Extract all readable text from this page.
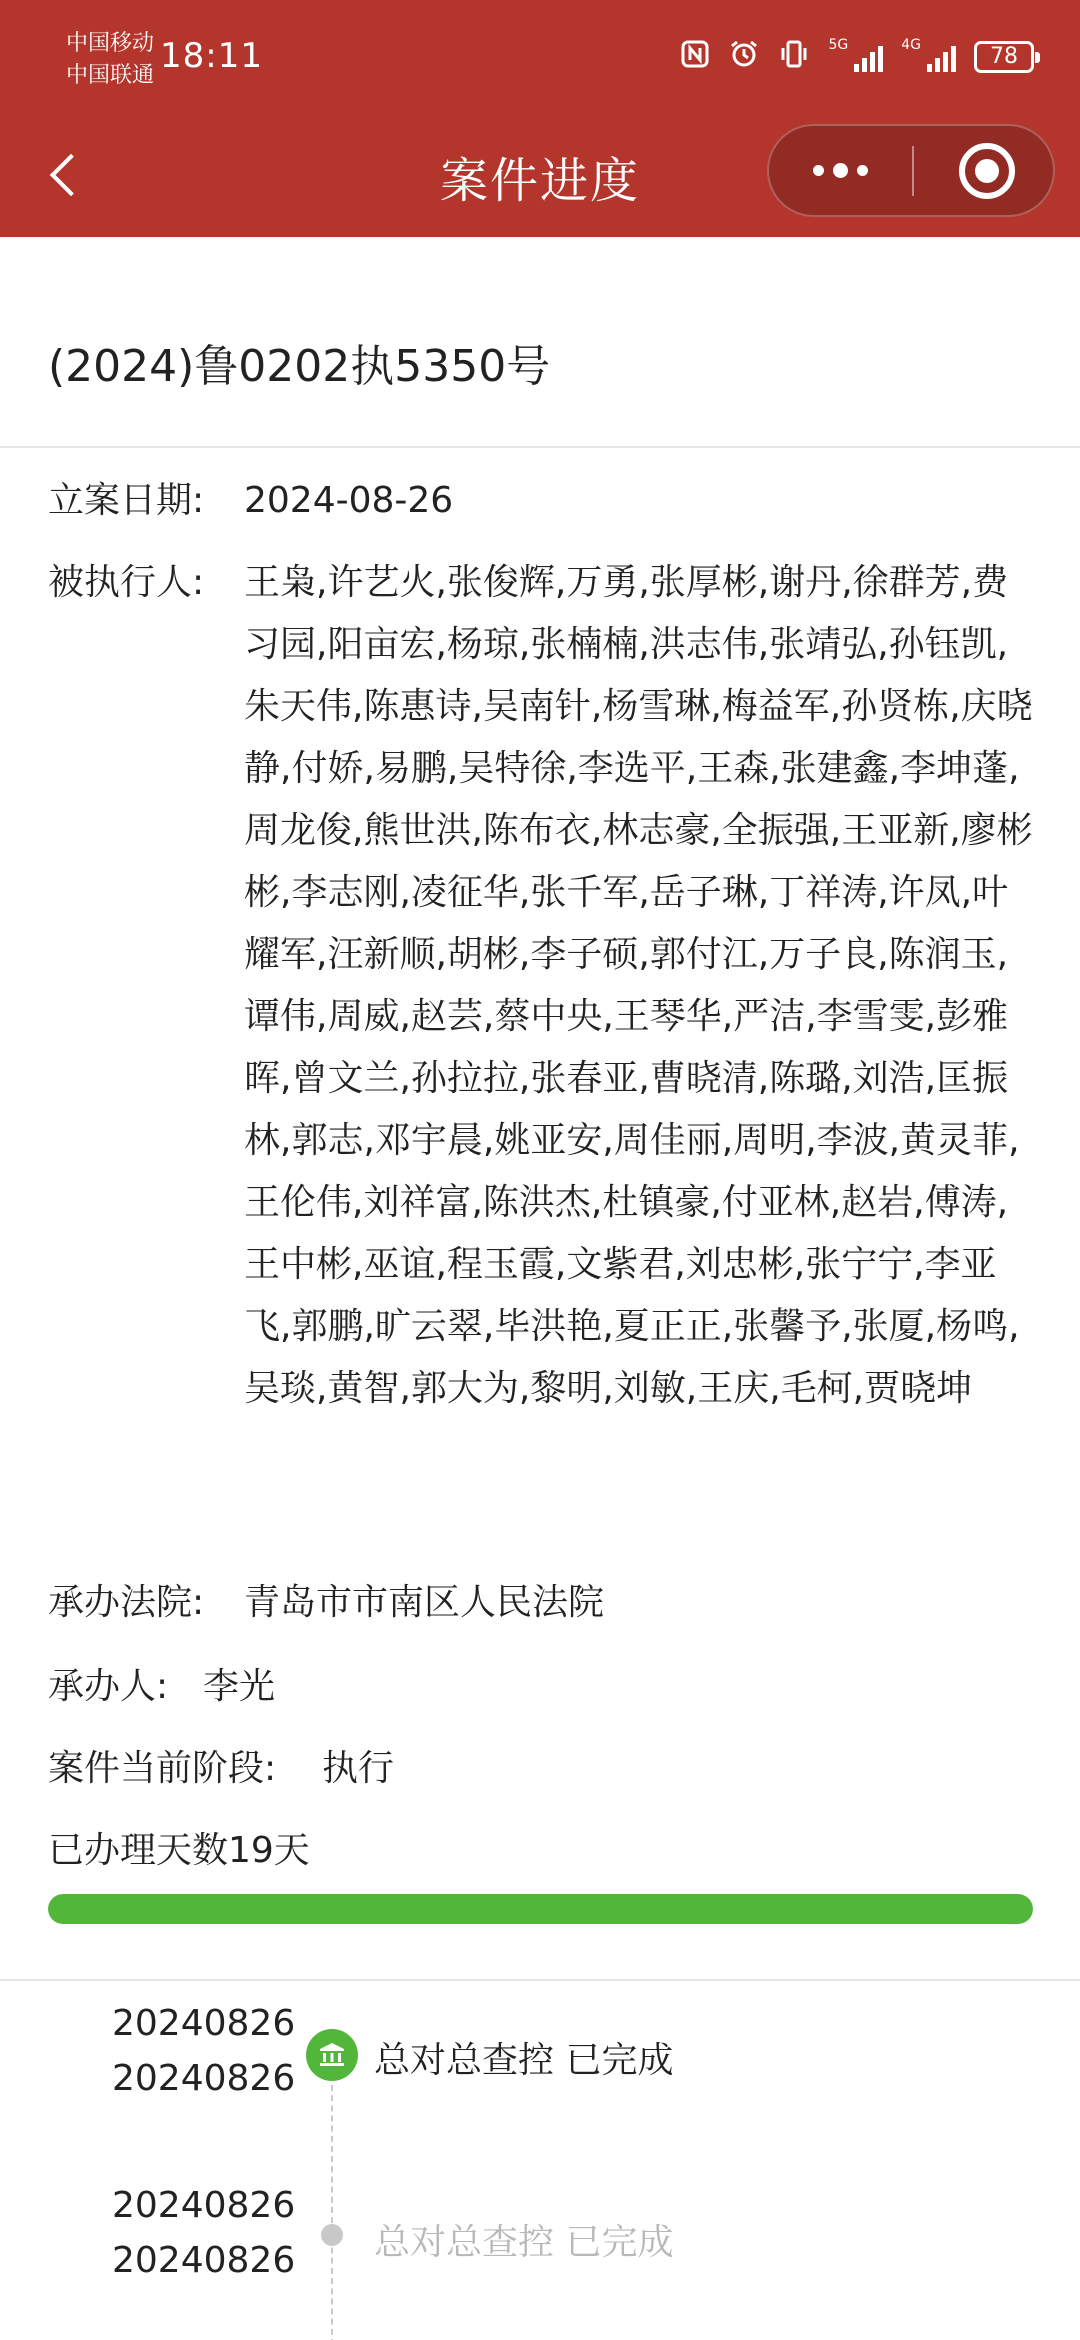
中国移动
中国联通 18:11	5G	4G	78
案件进度
(2024)鲁0202执5350号
立案日期:	2024-08-26
被执行人:	王枭,许艺火,张俊辉,万勇,张厚彬,谢丹,徐群芳,费习园,阳亩宏,杨琼,张楠楠,洪志伟,张靖弘,孙钰凯,朱天伟,陈惠诗,吴南针,杨雪琳,梅益军,孙贤栋,庆晓静,付娇,易鹏,吴特徐,李选平,王森,张建鑫,李坤蓬,周龙俊,熊世洪,陈布衣,林志豪,全振强,王亚新,廖彬彬,李志刚,凌征华,张千军,岳子琳,丁祥涛,许凤,叶耀军,汪新顺,胡彬,李子硕,郭付江,万子良,陈润玉,谭伟,周威,赵芸,蔡中央,王琴华,严洁,李雪雯,彭雅晖,曾文兰,孙拉拉,张春亚,曹晓清,陈璐,刘浩,匡振林,郭志,邓宇晨,姚亚安,周佳丽,周明,李波,黄灵菲,王伦伟,刘祥富,陈洪杰,杜镇豪,付亚林,赵岩,傅涛,王中彬,巫谊,程玉霞,文紫君,刘忠彬,张宁宁,李亚飞,郭鹏,旷云翠,毕洪艳,夏正正,张馨予,张厦,杨鸣,吴琰,黄智,郭大为,黎明,刘敏,王庆,毛柯,贾晓坤
承办法院:	青岛市市南区人民法院
承办人: 李光
案件当前阶段:	执行
已办理天数19天
20240826
20240826 总对总查控 已完成
20240826
20240826 总对总查控 已完成
